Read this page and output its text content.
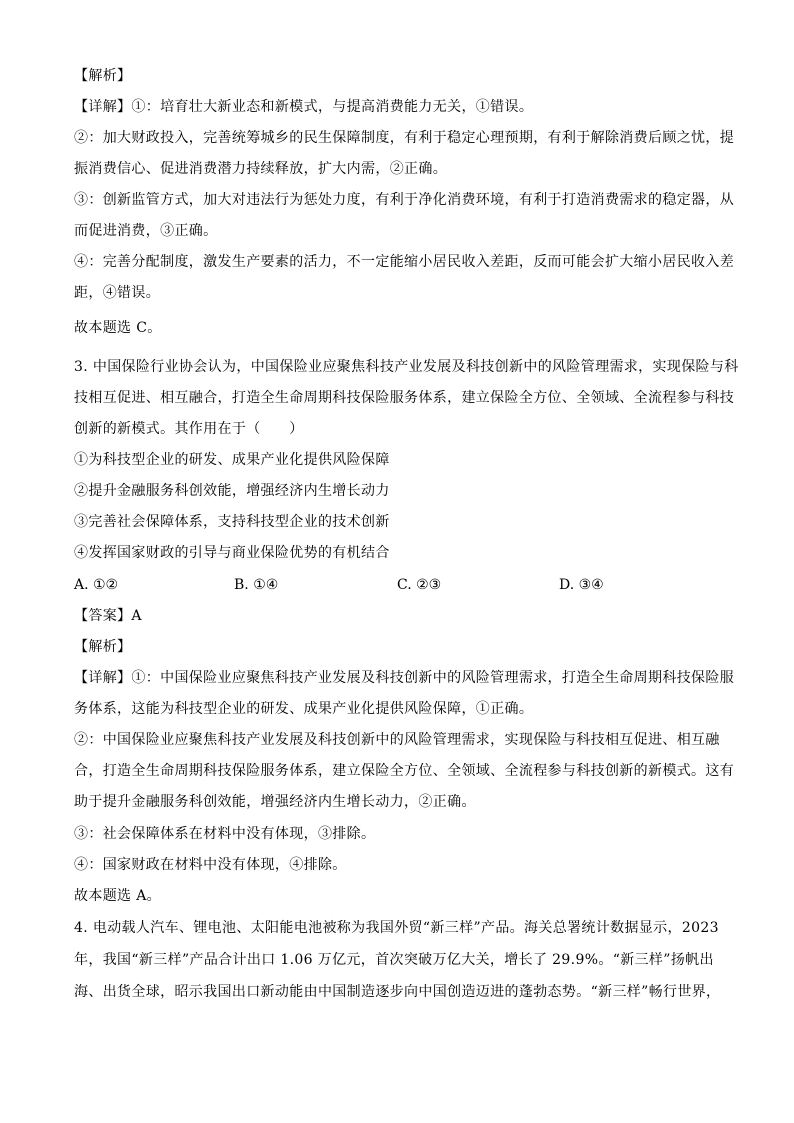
【解析】
【详解】①：培育壮大新业态和新模式，与提高消费能力无关，①错误。
②：加大财政投入，完善统筹城乡的民生保障制度，有利于稳定心理预期，有利于解除消费后顾之忧，提
振消费信心、促进消费潜力持续释放，扩大内需，②正确。
③：创新监管方式，加大对违法行为惩处力度，有利于净化消费环境，有利于打造消费需求的稳定器，从
而促进消费，③正确。
④：完善分配制度，激发生产要素的活力，不一定能缩小居民收入差距，反而可能会扩大缩小居民收入差
距，④错误。
故本题选 C。
3. 中国保险行业协会认为，中国保险业应聚焦科技产业发展及科技创新中的风险管理需求，实现保险与科
技相互促进、相互融合，打造全生命周期科技保险服务体系，建立保险全方位、全领域、全流程参与科技
创新的新模式。其作用在于（　　）
①为科技型企业的研发、成果产业化提供风险保障
②提升金融服务科创效能，增强经济内生增长动力
③完善社会保障体系，支持科技型企业的技术创新
④发挥国家财政的引导与商业保险优势的有机结合
A. ①②	B. ①④	C. ②③	D. ③④
【答案】A
【解析】
【详解】①：中国保险业应聚焦科技产业发展及科技创新中的风险管理需求，打造全生命周期科技保险服
务体系，这能为科技型企业的研发、成果产业化提供风险保障，①正确。
②：中国保险业应聚焦科技产业发展及科技创新中的风险管理需求，实现保险与科技相互促进、相互融
合，打造全生命周期科技保险服务体系，建立保险全方位、全领域、全流程参与科技创新的新模式。这有
助于提升金融服务科创效能，增强经济内生增长动力，②正确。
③：社会保障体系在材料中没有体现，③排除。
④：国家财政在材料中没有体现，④排除。
故本题选 A。
4. 电动载人汽车、锂电池、太阳能电池被称为我国外贸“新三样”产品。海关总署统计数据显示，2023
年，我国“新三样”产品合计出口 1.06 万亿元，首次突破万亿大关，增长了 29.9%。“新三样”扬帆出
海、出货全球，昭示我国出口新动能由中国制造逐步向中国创造迈进的蓬勃态势。“新三样”畅行世界，
